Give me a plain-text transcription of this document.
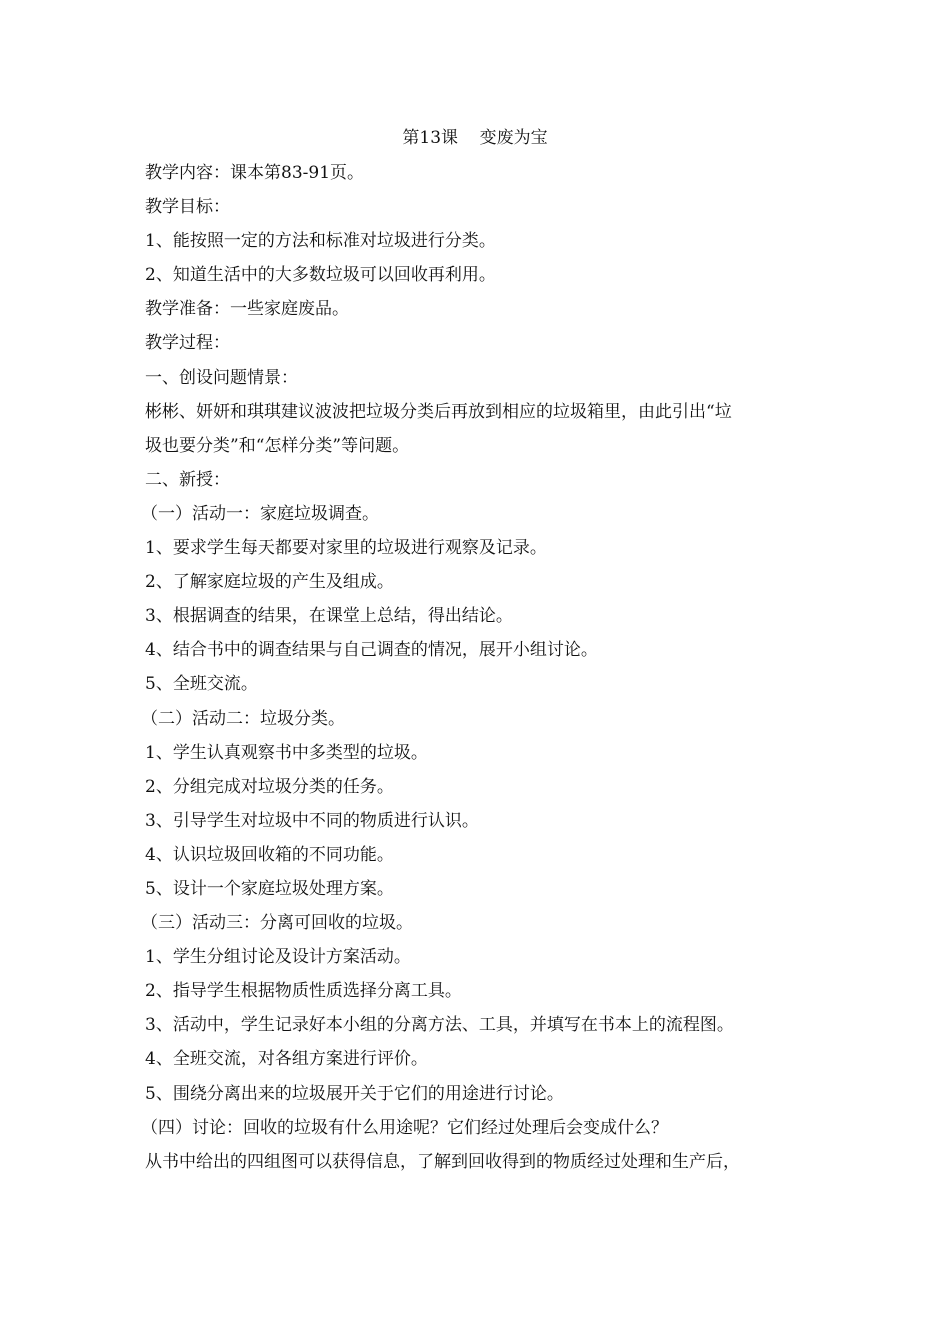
第13课    变废为宝
教学内容：课本第83-91页。
教学目标：
1、能按照一定的方法和标准对垃圾进行分类。
2、知道生活中的大多数垃圾可以回收再利用。
教学准备：一些家庭废品。
教学过程：
一、创设问题情景：
彬彬、妍妍和琪琪建议波波把垃圾分类后再放到相应的垃圾箱里，由此引出“垃
圾也要分类”和“怎样分类”等问题。
二、新授：
（一）活动一：家庭垃圾调查。
1、要求学生每天都要对家里的垃圾进行观察及记录。
2、了解家庭垃圾的产生及组成。
3、根据调查的结果，在课堂上总结，得出结论。
4、结合书中的调查结果与自己调查的情况，展开小组讨论。
5、全班交流。
（二）活动二：垃圾分类。
1、学生认真观察书中多类型的垃圾。
2、分组完成对垃圾分类的任务。
3、引导学生对垃圾中不同的物质进行认识。
4、认识垃圾回收箱的不同功能。
5、设计一个家庭垃圾处理方案。
（三）活动三：分离可回收的垃圾。
1、学生分组讨论及设计方案活动。
2、指导学生根据物质性质选择分离工具。
3、活动中，学生记录好本小组的分离方法、工具，并填写在书本上的流程图。
4、全班交流，对各组方案进行评价。
5、围绕分离出来的垃圾展开关于它们的用途进行讨论。
（四）讨论：回收的垃圾有什么用途呢？它们经过处理后会变成什么？
从书中给出的四组图可以获得信息，了解到回收得到的物质经过处理和生产后，
